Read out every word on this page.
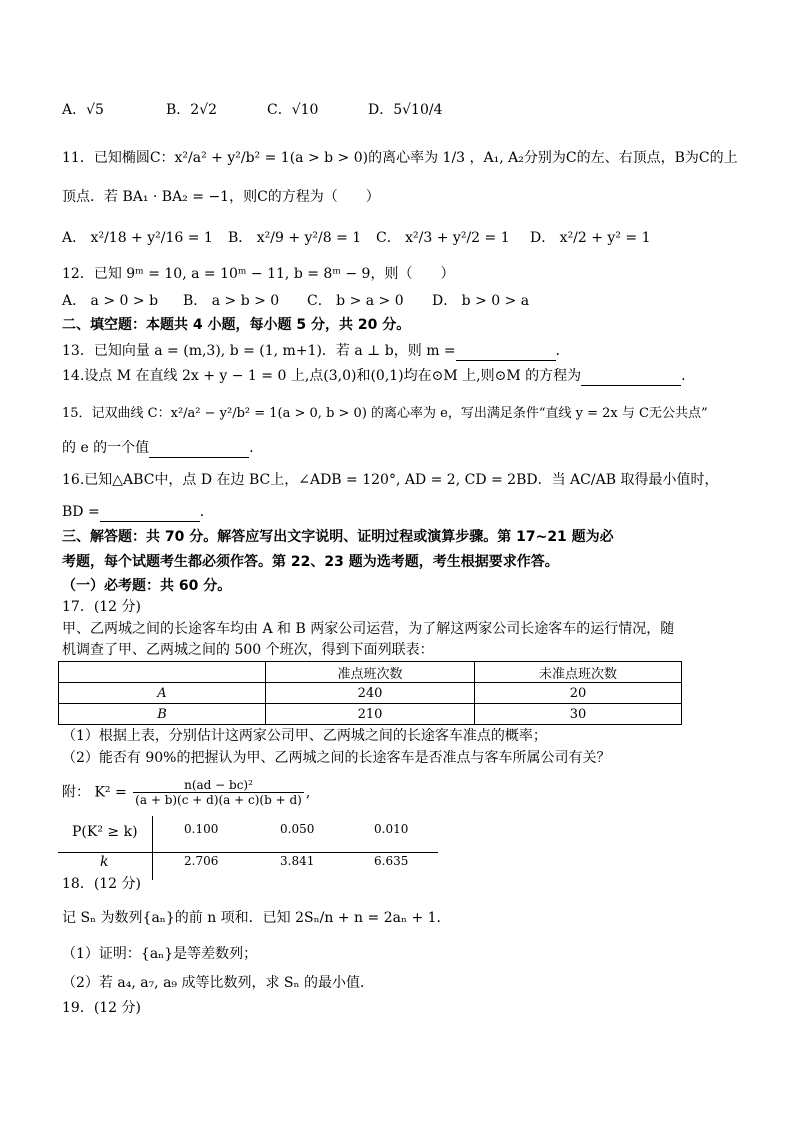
A．√5	B．2√2	C．√10	D．5√10/4
11．已知椭圆C：x²/a² + y²/b² = 1(a > b > 0)的离心率为 1/3 ，A₁, A₂分别为C的左、右顶点，B为C的上
顶点．若 BA₁ · BA₂ = −1，则C的方程为（　　）
A． x²/18 + y²/16 = 1 B． x²/9 + y²/8 = 1 C． x²/3 + y²/2 = 1 D． x²/2 + y² = 1
12．已知 9ᵐ = 10, a = 10ᵐ − 11, b = 8ᵐ − 9，则（　　）
A． a > 0 > b B． a > b > 0 C． b > a > 0 D． b > 0 > a
二、填空题：本题共 4 小题，每小题 5 分，共 20 分。
13．已知向量 a = (m,3), b = (1, m+1)．若 a ⊥ b，则 m =	．
14.设点 M 在直线 2x + y − 1 = 0 上,点(3,0)和(0,1)均在⊙M 上,则⊙M 的方程为	.
15．记双曲线 C：x²/a² − y²/b² = 1(a > 0, b > 0) 的离心率为 e，写出满足条件“直线 y = 2x 与 C无公共点”
的 e 的一个值	．
16.已知△ABC中，点 D 在边 BC上，∠ADB = 120°, AD = 2, CD = 2BD．当 AC/AB 取得最小值时，
BD =	．
三、解答题：共 70 分。解答应写出文字说明、证明过程或演算步骤。第 17~21 题为必
考题，每个试题考生都必须作答。第 22、23 题为选考题，考生根据要求作答。
（一）必考题：共 60 分。
17．(12 分)
甲、乙两城之间的长途客车均由 A 和 B 两家公司运营，为了解这两家公司长途客车的运行情况，随
机调查了甲、乙两城之间的 500 个班次，得到下面列联表：
	准点班次数	未准点班次数
A	240	20
B	210	30
（1）根据上表，分别估计这两家公司甲、乙两城之间的长途客车准点的概率；
（2）能否有 90%的把握认为甲、乙两城之间的长途客车是否准点与客车所属公司有关？
附： $K^2 = \frac{\text{n(ad − bc)²}}{(a + b)(c + d)(a + c)(b + d)}$ ,
P(K² ≥ k)	0.100	0.050	0.010
k	2.706	3.841	6.635
18．(12 分)
记 Sₙ 为数列{aₙ}的前 n 项和．已知 2Sₙ/n + n = 2aₙ + 1．
（1）证明：{aₙ}是等差数列；
（2）若 a₄, a₇, a₉ 成等比数列，求 Sₙ 的最小值．
19．(12 分)
